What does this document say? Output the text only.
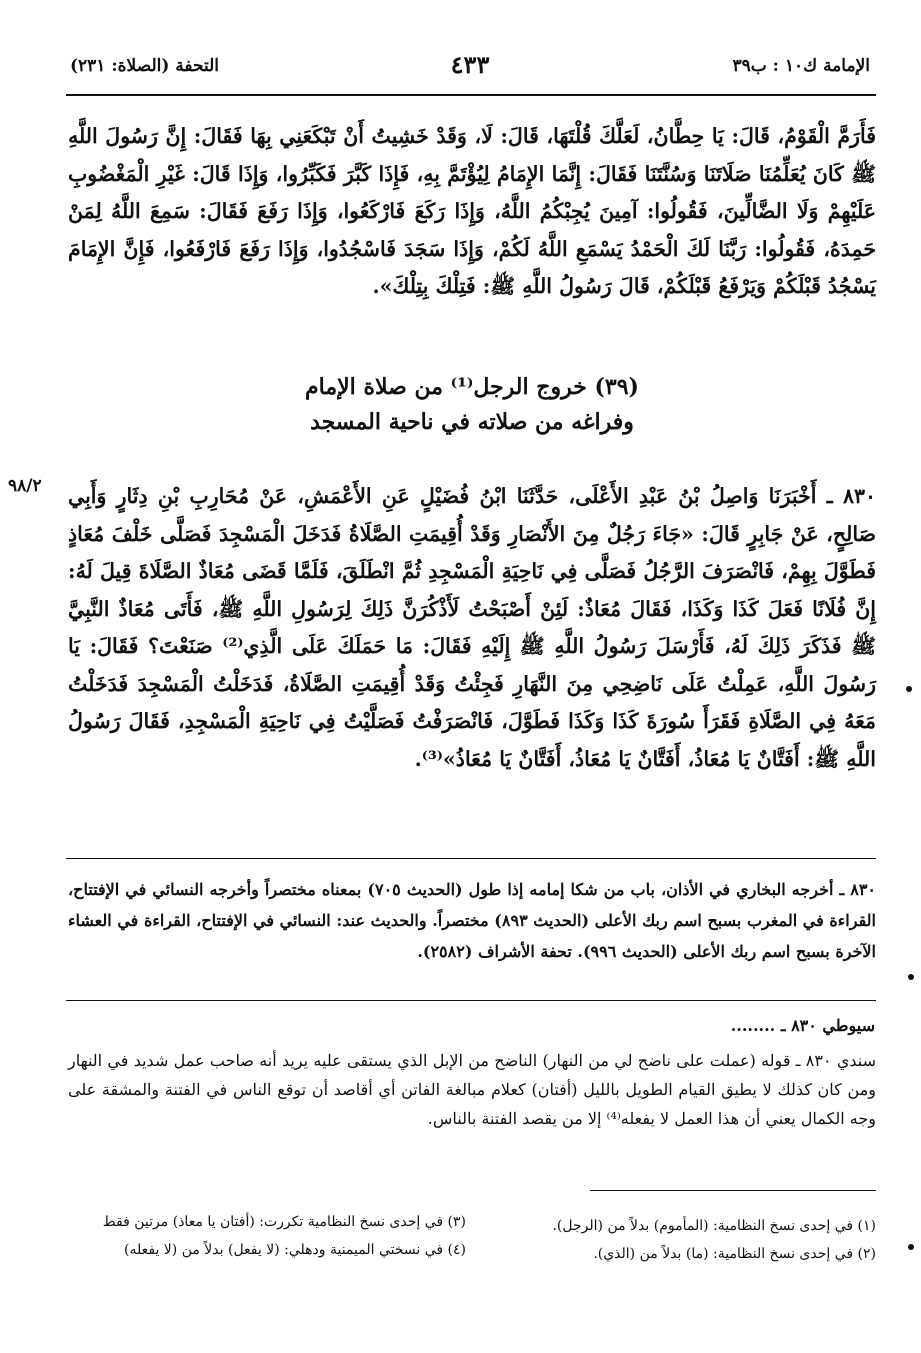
الإمامة ك١٠ : ب٣٩
٤٣٣
التحفة (الصلاة: ٢٣١)
فَأَرَمَّ الْقَوْمُ، قَالَ: يَا حِطَّانُ، لَعَلَّكَ قُلْتَهَا، قَالَ: لَا، وَقَدْ خَشِيتُ أَنْ تَبْكَعَنِي بِهَا فَقَالَ: إِنَّ رَسُولَ اللَّهِ ﷺ كَانَ يُعَلِّمُنَا صَلَاتَنَا وَسُنَّتَنَا فَقَالَ: إِنَّمَا الإِمَامُ لِيُؤْتَمَّ بِهِ، فَإِذَا كَبَّرَ فَكَبِّرُوا، وَإِذَا قَالَ: غَيْرِ الْمَغْضُوبِ عَلَيْهِمْ وَلَا الضَّالِّينَ، فَقُولُوا: آمِينَ يُجِبْكُمُ اللَّهُ، وَإِذَا رَكَعَ فَارْكَعُوا، وَإِذَا رَفَعَ فَقَالَ: سَمِعَ اللَّهُ لِمَنْ حَمِدَهُ، فَقُولُوا: رَبَّنَا لَكَ الْحَمْدُ يَسْمَعِ اللَّهُ لَكُمْ، وَإِذَا سَجَدَ فَاسْجُدُوا، وَإِذَا رَفَعَ فَارْفَعُوا، فَإِنَّ الإِمَامَ يَسْجُدُ قَبْلَكُمْ وَيَرْفَعُ قَبْلَكُمْ، قَالَ رَسُولُ اللَّهِ ﷺ: فَتِلْكَ بِتِلْكَ».
(٣٩) خروج الرجل⁽¹⁾ من صلاة الإمام
وفراغه من صلاته في ناحية المسجد
٩٨/٢	٨٣٠ ـ أَخْبَرَنَا وَاصِلُ بْنُ عَبْدِ الأَعْلَى، حَدَّثَنَا ابْنُ فُضَيْلٍ عَنِ الأَعْمَشِ، عَنْ مُحَارِبِ بْنِ دِثَارٍ وَأَبِي صَالِحٍ، عَنْ جَابِرٍ قَالَ: «جَاءَ رَجُلٌ مِنَ الأَنْصَارِ وَقَدْ أُقِيمَتِ الصَّلَاةُ فَدَخَلَ الْمَسْجِدَ فَصَلَّى خَلْفَ مُعَاذٍ فَطَوَّلَ بِهِمْ، فَانْصَرَفَ الرَّجُلُ فَصَلَّى فِي نَاحِيَةِ الْمَسْجِدِ ثُمَّ انْطَلَقَ، فَلَمَّا قَضَى مُعَاذٌ الصَّلَاةَ قِيلَ لَهُ: إِنَّ فُلَانًا فَعَلَ كَذَا وَكَذَا، فَقَالَ مُعَاذٌ: لَئِنْ أَصْبَحْتُ لَأَذْكُرَنَّ ذَلِكَ لِرَسُولِ اللَّهِ ﷺ، فَأَتَى مُعَاذٌ النَّبِيَّ ﷺ فَذَكَرَ ذَلِكَ لَهُ، فَأَرْسَلَ رَسُولُ اللَّهِ ﷺ إِلَيْهِ فَقَالَ: مَا حَمَلَكَ عَلَى الَّذِي⁽²⁾ صَنَعْتَ؟ فَقَالَ: يَا رَسُولَ اللَّهِ، عَمِلْتُ عَلَى نَاضِحِي مِنَ النَّهَارِ فَجِئْتُ وَقَدْ أُقِيمَتِ الصَّلَاةُ، فَدَخَلْتُ الْمَسْجِدَ فَدَخَلْتُ مَعَهُ فِي الصَّلَاةِ فَقَرَأَ سُورَةَ كَذَا وَكَذَا فَطَوَّلَ، فَانْصَرَفْتُ فَصَلَّيْتُ فِي نَاحِيَةِ الْمَسْجِدِ، فَقَالَ رَسُولُ اللَّهِ ﷺ: أَفَتَّانٌ يَا مُعَاذُ، أَفَتَّانٌ يَا مُعَاذُ، أَفَتَّانٌ يَا مُعَاذُ»⁽³⁾.
٨٣٠ ـ أخرجه البخاري في الأذان، باب من شكا إمامه إذا طول (الحديث ٧٠٥) بمعناه مختصراً وأخرجه النسائي في الإفتتاح، القراءة في المغرب بسبح اسم ربك الأعلى (الحديث ٨٩٣) مختصراً. والحديث عند: النسائي في الإفتتاح، القراءة في العشاء الآخرة بسبح اسم ربك الأعلى (الحديث ٩٩٦). تحفة الأشراف (٢٥٨٢).
سيوطي ٨٣٠ ـ ........
سندي ٨٣٠ ـ قوله (عملت على ناضح لي من النهار) الناضح من الإبل الذي يستقى عليه يريد أنه صاحب عمل شديد في النهار ومن كان كذلك لا يطيق القيام الطويل بالليل (أفتان) كعلام مبالغة الفاتن أي أقاصد أن توقع الناس في الفتنة والمشقة على وجه الكمال يعني أن هذا العمل لا يفعله⁽⁴⁾ إلا من يقصد الفتنة بالناس.
(١) في إحدى نسخ النظامية: (المأموم) بدلاً من (الرجل).
(٢) في إحدى نسخ النظامية: (ما) بدلاً من (الذي).
(٣) في إحدى نسخ النظامية تكررت: (أفتان يا معاذ) مرتين فقط
(٤) في نسختي الميمنية ودهلي: (لا يفعل) بدلاً من (لا يفعله)
